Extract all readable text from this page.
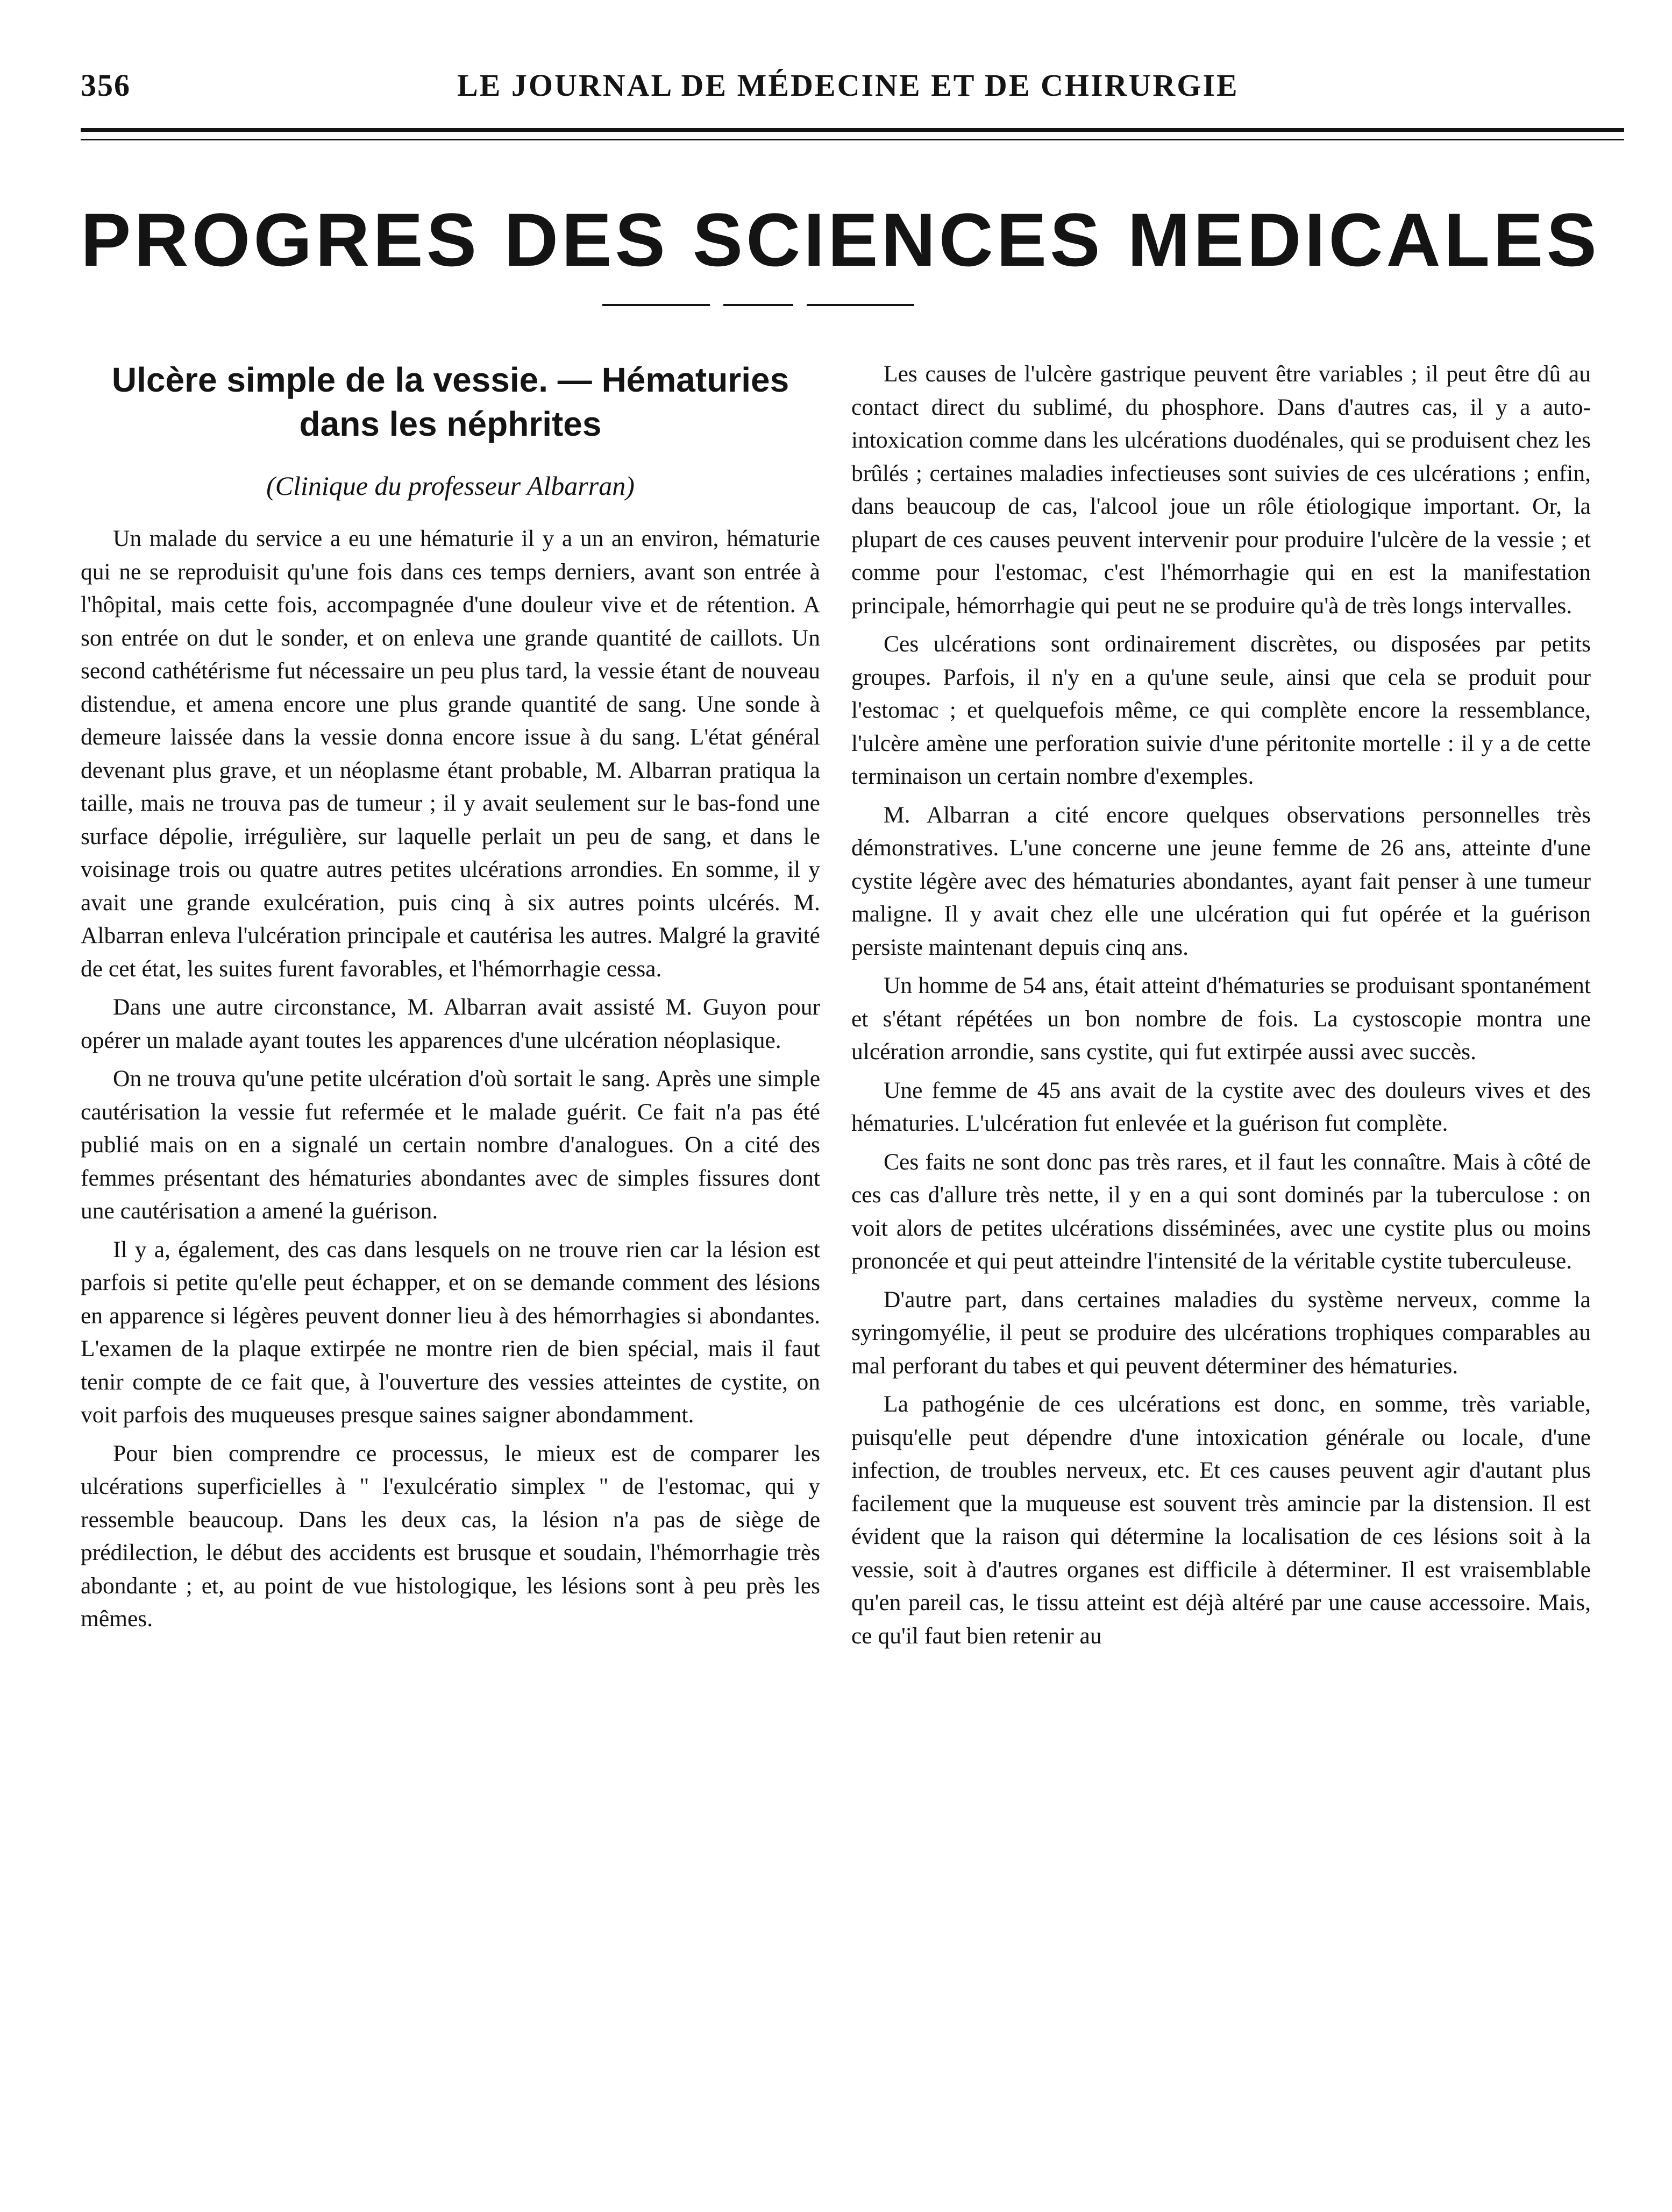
356	LE JOURNAL DE MÉDECINE ET DE CHIRURGIE
PROGRES DES SCIENCES MEDICALES
Ulcère simple de la vessie. — Hématuries
dans les néphrites

(Clinique du professeur Albarran)

Un malade du service a eu une hématurie il y a un an environ, hématurie qui ne se reproduisit qu'une fois dans ces temps derniers, avant son entrée à l'hôpital, mais cette fois, accompagnée d'une douleur vive et de rétention. A son entrée on dut le sonder, et on enleva une grande quantité de caillots. Un second cathétérisme fut nécessaire un peu plus tard, la vessie étant de nouveau distendue, et amena encore une plus grande quantité de sang. Une sonde à demeure laissée dans la vessie donna encore issue à du sang. L'état général devenant plus grave, et un néoplasme étant probable, M. Albarran pratiqua la taille, mais ne trouva pas de tumeur ; il y avait seulement sur le bas-fond une surface dépolie, irrégulière, sur laquelle perlait un peu de sang, et dans le voisinage trois ou quatre autres petites ulcérations arrondies. En somme, il y avait une grande exulcération, puis cinq à six autres points ulcérés. M. Albarran enleva l'ulcération principale et cautérisa les autres. Malgré la gravité de cet état, les suites furent favorables, et l'hémorrhagie cessa.

Dans une autre circonstance, M. Albarran avait assisté M. Guyon pour opérer un malade ayant toutes les apparences d'une ulcération néoplasique.

On ne trouva qu'une petite ulcération d'où sortait le sang. Après une simple cautérisation la vessie fut refermée et le malade guérit. Ce fait n'a pas été publié mais on en a signalé un certain nombre d'analogues. On a cité des femmes présentant des hématuries abondantes avec de simples fissures dont une cautérisation a amené la guérison.

Il y a, également, des cas dans lesquels on ne trouve rien car la lésion est parfois si petite qu'elle peut échapper, et on se demande comment des lésions en apparence si légères peuvent donner lieu à des hémorrhagies si abondantes. L'examen de la plaque extirpée ne montre rien de bien spécial, mais il faut tenir compte de ce fait que, à l'ouverture des vessies atteintes de cystite, on voit parfois des muqueuses presque saines saigner abondamment.

Pour bien comprendre ce processus, le mieux est de comparer les ulcérations superficielles à " l'exulcératio simplex " de l'estomac, qui y ressemble beaucoup. Dans les deux cas, la lésion n'a pas de siège de prédilection, le début des accidents est brusque et soudain, l'hémorrhagie très abondante ; et, au point de vue histologique, les lésions sont à peu près les mêmes.

Les causes de l'ulcère gastrique peuvent être variables ; il peut être dû au contact direct du sublimé, du phosphore. Dans d'autres cas, il y a auto-intoxication comme dans les ulcérations duodénales, qui se produisent chez les brûlés ; certaines maladies infectieuses sont suivies de ces ulcérations ; enfin, dans beaucoup de cas, l'alcool joue un rôle étiologique important. Or, la plupart de ces causes peuvent intervenir pour produire l'ulcère de la vessie ; et comme pour l'estomac, c'est l'hémorrhagie qui en est la manifestation principale, hémorrhagie qui peut ne se produire qu'à de très longs intervalles.

Ces ulcérations sont ordinairement discrètes, ou disposées par petits groupes. Parfois, il n'y en a qu'une seule, ainsi que cela se produit pour l'estomac ; et quelquefois même, ce qui complète encore la ressemblance, l'ulcère amène une perforation suivie d'une péritonite mortelle : il y a de cette terminaison un certain nombre d'exemples.

M. Albarran a cité encore quelques observations personnelles très démonstratives. L'une concerne une jeune femme de 26 ans, atteinte d'une cystite légère avec des hématuries abondantes, ayant fait penser à une tumeur maligne. Il y avait chez elle une ulcération qui fut opérée et la guérison persiste maintenant depuis cinq ans.

Un homme de 54 ans, était atteint d'hématuries se produisant spontanément et s'étant répétées un bon nombre de fois. La cystoscopie montra une ulcération arrondie, sans cystite, qui fut extirpée aussi avec succès.

Une femme de 45 ans avait de la cystite avec des douleurs vives et des hématuries. L'ulcération fut enlevée et la guérison fut complète.

Ces faits ne sont donc pas très rares, et il faut les connaître. Mais à côté de ces cas d'allure très nette, il y en a qui sont dominés par la tuberculose : on voit alors de petites ulcérations disséminées, avec une cystite plus ou moins prononcée et qui peut atteindre l'intensité de la véritable cystite tuberculeuse.

D'autre part, dans certaines maladies du système nerveux, comme la syringomyélie, il peut se produire des ulcérations trophiques comparables au mal perforant du tabes et qui peuvent déterminer des hématuries.

La pathogénie de ces ulcérations est donc, en somme, très variable, puisqu'elle peut dépendre d'une intoxication générale ou locale, d'une infection, de troubles nerveux, etc. Et ces causes peuvent agir d'autant plus facilement que la muqueuse est souvent très amincie par la distension. Il est évident que la raison qui détermine la localisation de ces lésions soit à la vessie, soit à d'autres organes est difficile à déterminer. Il est vraisemblable qu'en pareil cas, le tissu atteint est déjà altéré par une cause accessoire. Mais, ce qu'il faut bien retenir au
